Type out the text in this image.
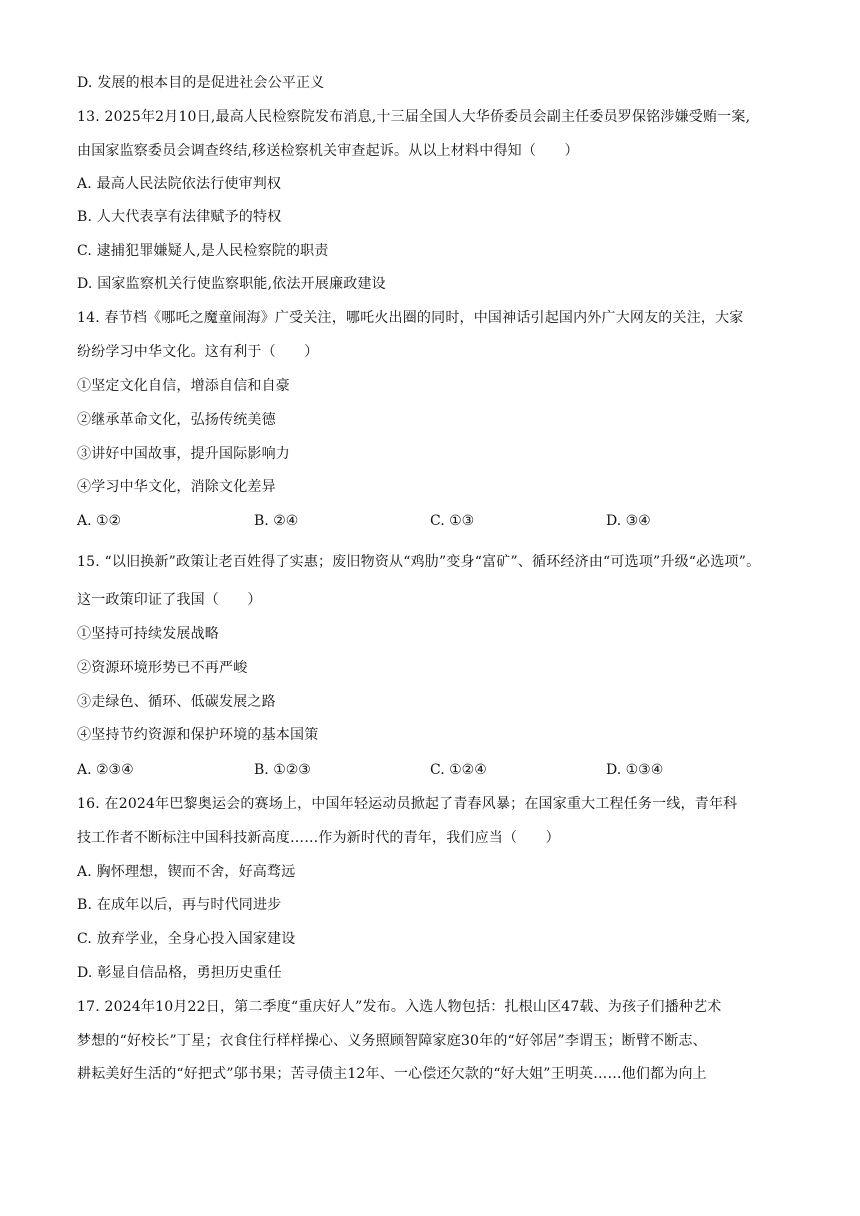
D. 发展的根本目的是促进社会公平正义
13. 2025年2月10日,最高人民检察院发布消息,十三届全国人大华侨委员会副主任委员罗保铭涉嫌受贿一案,
由国家监察委员会调查终结,移送检察机关审查起诉。从以上材料中得知（　　）
A. 最高人民法院依法行使审判权
B. 人大代表享有法律赋予的特权
C. 逮捕犯罪嫌疑人,是人民检察院的职责
D. 国家监察机关行使监察职能,依法开展廉政建设
14. 春节档《哪吒之魔童闹海》广受关注，哪吒火出圈的同时，中国神话引起国内外广大网友的关注，大家
纷纷学习中华文化。这有利于（　　）
①坚定文化自信，增添自信和自豪
②继承革命文化，弘扬传统美德
③讲好中国故事，提升国际影响力
④学习中华文化，消除文化差异
A. ①②	B. ②④	C. ①③	D. ③④
15. “以旧换新”政策让老百姓得了实惠；废旧物资从“鸡肋”变身“富矿”、循环经济由“可选项”升级“必选项”。
这一政策印证了我国（　　）
①坚持可持续发展战略
②资源环境形势已不再严峻
③走绿色、循环、低碳发展之路
④坚持节约资源和保护环境的基本国策
A. ②③④	B. ①②③	C. ①②④	D. ①③④
16. 在2024年巴黎奥运会的赛场上，中国年轻运动员掀起了青春风暴；在国家重大工程任务一线，青年科
技工作者不断标注中国科技新高度……作为新时代的青年，我们应当（　　）
A. 胸怀理想，锲而不舍，好高骛远
B. 在成年以后，再与时代同进步
C. 放弃学业，全身心投入国家建设
D. 彰显自信品格，勇担历史重任
17. 2024年10月22日，第二季度“重庆好人”发布。入选人物包括：扎根山区47载、为孩子们播种艺术
梦想的“好校长”丁星；衣食住行样样操心、义务照顾智障家庭30年的“好邻居”李谓玉；断臂不断志、
耕耘美好生活的“好把式”邬书果；苦寻债主12年、一心偿还欠款的“好大姐”王明英……他们都为向上
